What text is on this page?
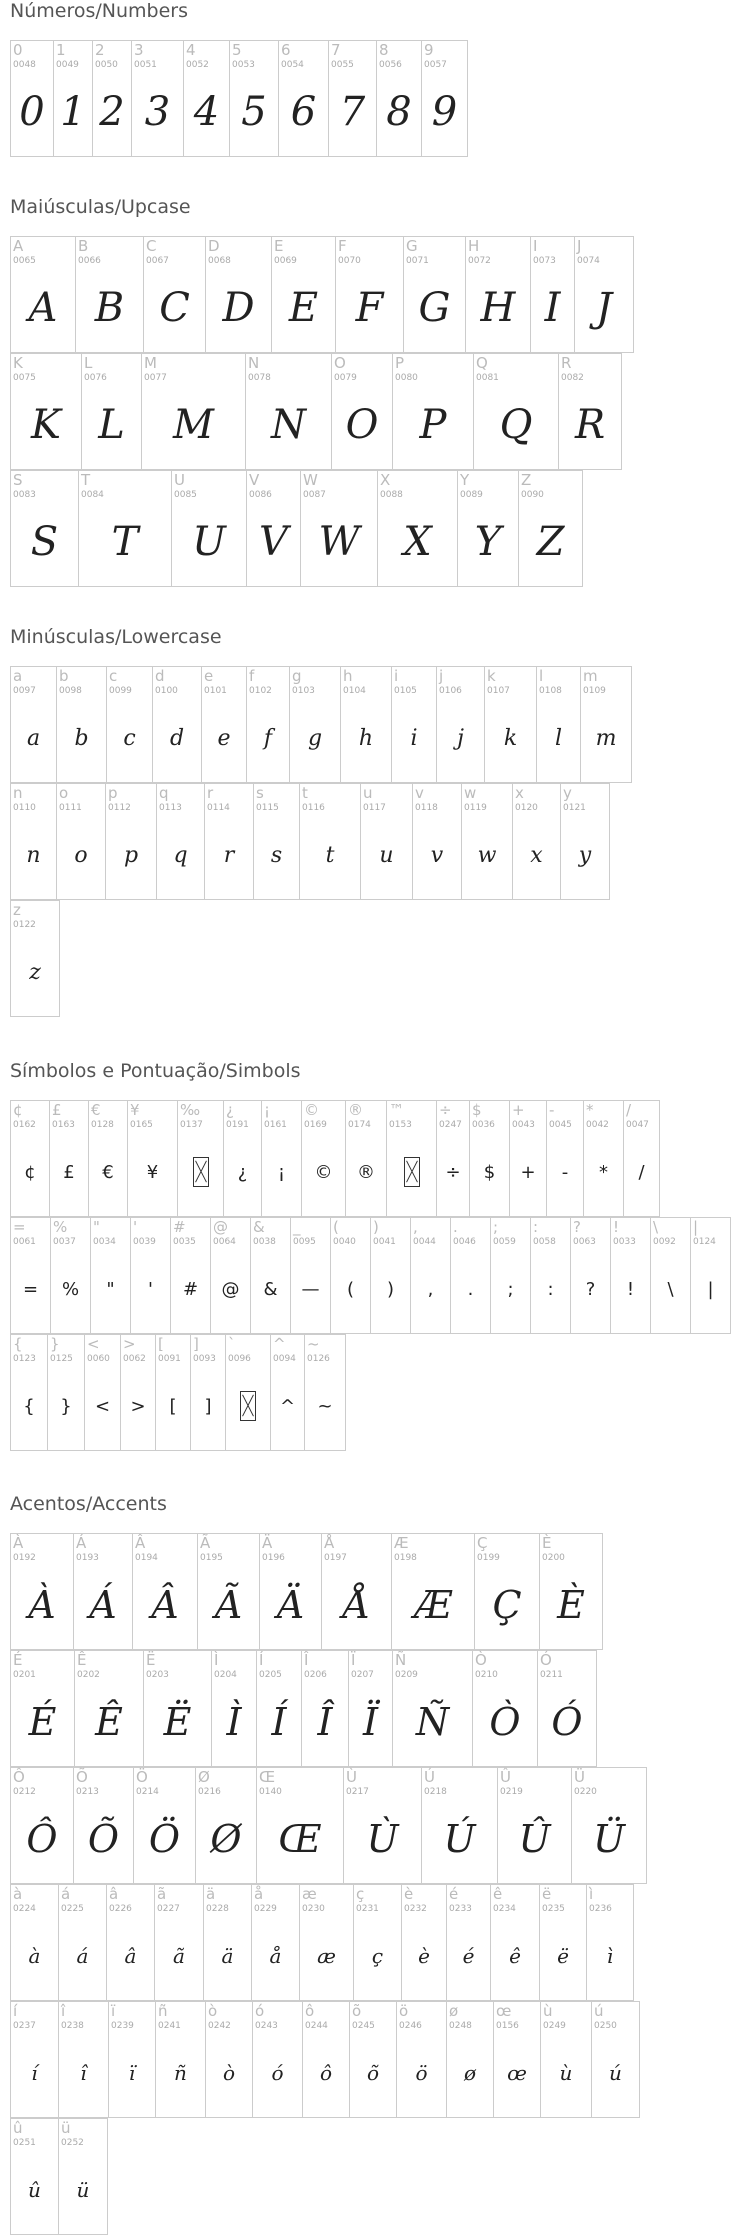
Números/Numbers
0
0048
0
1
0049
1
2
0050
2
3
0051
3
4
0052
4
5
0053
5
6
0054
6
7
0055
7
8
0056
8
9
0057
9
Maiúsculas/Upcase
A
0065
A
B
0066
B
C
0067
C
D
0068
D
E
0069
E
F
0070
F
G
0071
G
H
0072
H
I
0073
I
J
0074
J
K
0075
K
L
0076
L
M
0077
M
N
0078
N
O
0079
O
P
0080
P
Q
0081
Q
R
0082
R
S
0083
S
T
0084
T
U
0085
U
V
0086
V
W
0087
W
X
0088
X
Y
0089
Y
Z
0090
Z
Minúsculas/Lowercase
a
0097
a
b
0098
b
c
0099
c
d
0100
d
e
0101
e
f
0102
f
g
0103
g
h
0104
h
i
0105
i
j
0106
j
k
0107
k
l
0108
l
m
0109
m
n
0110
n
o
0111
o
p
0112
p
q
0113
q
r
0114
r
s
0115
s
t
0116
t
u
0117
u
v
0118
v
w
0119
w
x
0120
x
y
0121
y
z
0122
z
Símbolos e Pontuação/Simbols
¢
0162
¢
£
0163
£
€
0128
€
¥
0165
¥
‰
0137
¿
0191
¿
¡
0161
¡
©
0169
©
®
0174
®
™
0153
÷
0247
÷
$
0036
$
+
0043
+
-
0045
-
*
0042
*
/
0047
/
=
0061
=
%
0037
%
"
0034
"
'
0039
'
#
0035
#
@
0064
@
&
0038
&
_
0095
—
(
0040
(
)
0041
)
,
0044
,
.
0046
.
;
0059
;
:
0058
:
?
0063
?
!
0033
!
\
0092
\
|
0124
|
{
0123
{
}
0125
}
<
0060
<
>
0062
>
[
0091
[
]
0093
]
`
0096
^
0094
^
~
0126
~
Acentos/Accents
À
0192
À
Á
0193
Á
Â
0194
Â
Ã
0195
Ã
Ä
0196
Ä
Å
0197
Å
Æ
0198
Æ
Ç
0199
Ç
È
0200
È
É
0201
É
Ê
0202
Ê
Ë
0203
Ë
Ì
0204
Ì
Í
0205
Í
Î
0206
Î
Ï
0207
Ï
Ñ
0209
Ñ
Ò
0210
Ò
Ó
0211
Ó
Ô
0212
Ô
Õ
0213
Õ
Ö
0214
Ö
Ø
0216
Ø
Œ
0140
Œ
Ù
0217
Ù
Ú
0218
Ú
Û
0219
Û
Ü
0220
Ü
à
0224
à
á
0225
á
â
0226
â
ã
0227
ã
ä
0228
ä
å
0229
å
æ
0230
æ
ç
0231
ç
è
0232
è
é
0233
é
ê
0234
ê
ë
0235
ë
ì
0236
ì
í
0237
í
î
0238
î
ï
0239
ï
ñ
0241
ñ
ò
0242
ò
ó
0243
ó
ô
0244
ô
õ
0245
õ
ö
0246
ö
ø
0248
ø
œ
0156
œ
ù
0249
ù
ú
0250
ú
û
0251
û
ü
0252
ü
